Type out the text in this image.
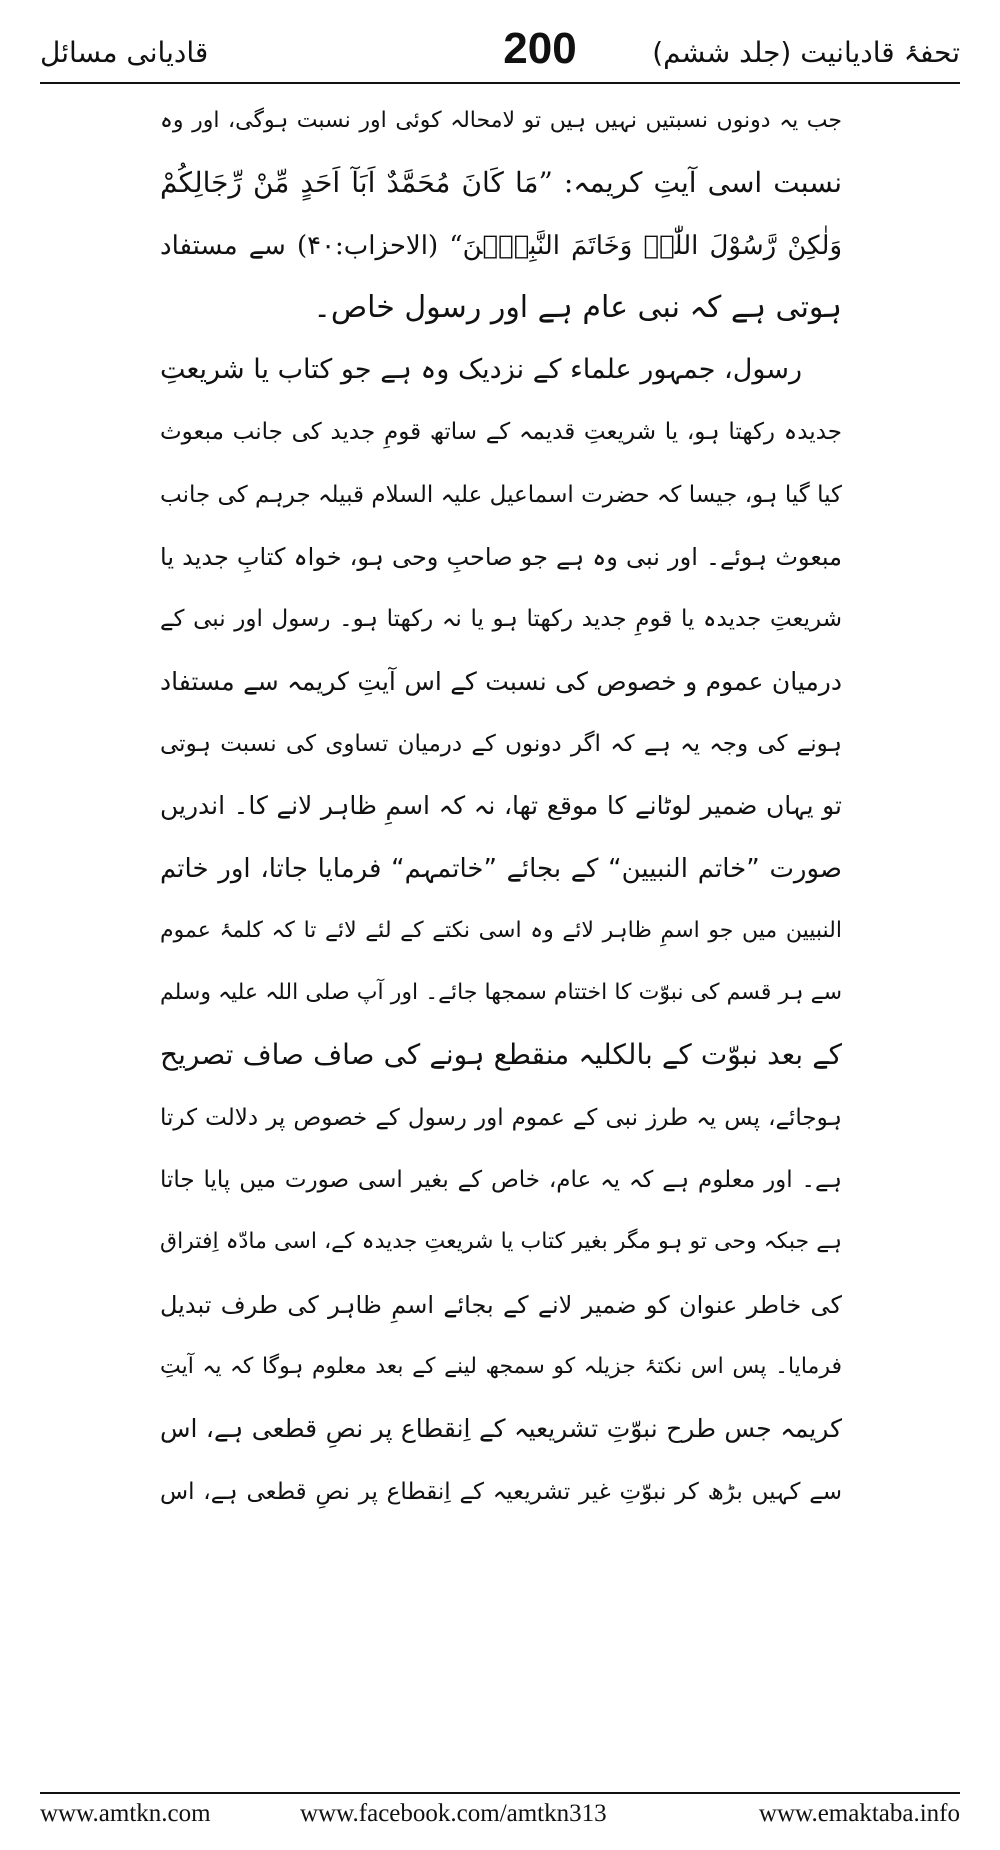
قادیانی مسائل	200	تحفۂ قادیانیت (جلد ششم)
جب یہ دونوں نسبتیں نہیں ہیں تو لامحالہ کوئی اور نسبت ہوگی، اور وہ
نسبت اسی آیتِ کریمہ: ”مَا کَانَ مُحَمَّدٌ اَبَآ اَحَدٍ مِّنْ رِّجَالِکُمْ
وَلٰکِنْ رَّسُوْلَ اللّٰہِ وَخَاتَمَ النَّبِیّٖنَ“ (الاحزاب:۴۰) سے مستفاد
ہوتی ہے کہ نبی عام ہے اور رسول خاص۔
رسول، جمہور علماء کے نزدیک وہ ہے جو کتاب یا شریعتِ
جدیدہ رکھتا ہو، یا شریعتِ قدیمہ کے ساتھ قومِ جدید کی جانب مبعوث
کیا گیا ہو، جیسا کہ حضرت اسماعیل علیہ السلام قبیلہ جرہم کی جانب
مبعوث ہوئے۔ اور نبی وہ ہے جو صاحبِ وحی ہو، خواہ کتابِ جدید یا
شریعتِ جدیدہ یا قومِ جدید رکھتا ہو یا نہ رکھتا ہو۔ رسول اور نبی کے
درمیان عموم و خصوص کی نسبت کے اس آیتِ کریمہ سے مستفاد
ہونے کی وجہ یہ ہے کہ اگر دونوں کے درمیان تساوی کی نسبت ہوتی
تو یہاں ضمیر لوٹانے کا موقع تھا، نہ کہ اسمِ ظاہر لانے کا۔ اندریں
صورت ”خاتم النبیین“ کے بجائے ”خاتمہم“ فرمایا جاتا، اور خاتم
النبیین میں جو اسمِ ظاہر لائے وہ اسی نکتے کے لئے لائے تا کہ کلمۂ عموم
سے ہر قسم کی نبوّت کا اختتام سمجھا جائے۔ اور آپ صلی اللہ علیہ وسلم
کے بعد نبوّت کے بالکلیہ منقطع ہونے کی صاف صاف تصریح
ہوجائے، پس یہ طرز نبی کے عموم اور رسول کے خصوص پر دلالت کرتا
ہے۔ اور معلوم ہے کہ یہ عام، خاص کے بغیر اسی صورت میں پایا جاتا
ہے جبکہ وحی تو ہو مگر بغیر کتاب یا شریعتِ جدیدہ کے، اسی مادّہ اِفتراق
کی خاطر عنوان کو ضمیر لانے کے بجائے اسمِ ظاہر کی طرف تبدیل
فرمایا۔ پس اس نکتۂ جزیلہ کو سمجھ لینے کے بعد معلوم ہوگا کہ یہ آیتِ
کریمہ جس طرح نبوّتِ تشریعیہ کے اِنقطاع پر نصِ قطعی ہے، اس
سے کہیں بڑھ کر نبوّتِ غیر تشریعیہ کے اِنقطاع پر نصِ قطعی ہے، اس
www.amtkn.com	www.facebook.com/amtkn313	www.emaktaba.info
